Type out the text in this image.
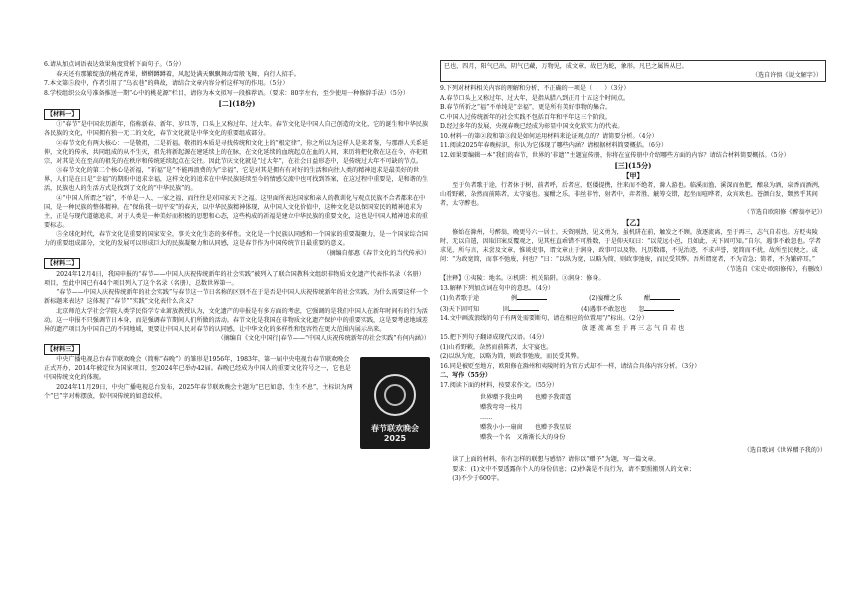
6.请从加点词语表达效果角度赏析下面句子。（5分）

春天还有那繁绽放的桃花香果，蟒蟒蹲蹲着，风起处满天飘飘舞动雪般飞舞，向行人招手。

7.本文第⑤段中，作者引用了“乌衣巷”的典故，请结合文章内容分析这样写的作用。（5分）

8.学校组织公众号准备推送一期“心中的桃花源”栏目，请你为本文拟写一段推荐语。（要求：80字左右，至少使用一种修辞手法）（5分）

[二](18分)

【材料一】

①“春节”是中国农历新年，俗称新春、新年、岁旦等，口头上又称过年、过大年。春节文化是中国人自己创造的文化，它的诞生和中华民族各民族的文化，中国拥有独一无二的文化，春节文化就是中华文化的重要组成部分。

②春节文化有两大核心：一是敬祖，二是祈福。敬祖的本质是寻找传统和文化上的“根定律”，你之所以为这样人是来者鉴，与那群人关系延伸，文化的传承，共同组成的从不生灭，祖先将新起源在建延续上的在脉，在文化延续的血统起点在血的人间，来历将把化敬在这在今，亦祀祖宗，对其是关在至高的祖先的在秩序和传统延续起点在交往。因此节庆文化就是“过大年”，在社会日益形态中，是传统过大年不可缺的节点。

③春节文化的第二个核心是祈福，“祈福”是“不能再浪费的为”幸福”，它是对其是拥有有对好的生活和向往人类的精神追求是最美好的世界，人们是在日是“幸福”的期盼中追求幸福，这样文化的追求在中华民族延续至今的情感交流中也可找到答案，在这过程中重要是，是和谐的生活，民族也人的生活方式是找到了文化的“中华民族”的。

④“中国人所谓之“福”，不单是一人、一家之福，而往往是对国家天下之福。这里面所表达国家和亲人的教训化与观点民族不合者都来在中国，是一种民族的整体精神。在“保佑我一切平安”的春天，以中华民族精神体现，从中国人文化价值中，这种文化是以保国安民的精神追求为主，正是与现代道德追求，对于人类是一种美好而积极的思想和心态，这些构成的祈福是建立中华民族的重要文化，这也是中国人精神追求的重要标志。

⑤全球化时代，春节文化是重要的国家安全，事关文化生态的多样性。文化是一个民族认同感和一个国家的重要凝聚力，是一个国家综合国力的重要组成部分，文化的发展可以形成巨大的民族凝聚力和认同感，这是春节作为中国传统节日最重要的意义。

（摘编自郁惠《春节文化的当代传承》）

【材料二】

2024年12月4日，我国申报的“春节——中国人庆祝传统新年的社会实践”被列入了联合国教科文组织非物质文化遗产代表作名录（名册）项目，至此中国已有44个项目列入了这个名录（名册），总数世界第一。

“春节——中国人庆祝传统新年的社会实践”与春节这一节日名称的区别不在于是否是中国人庆祝传统新年的社会实践，为什么需要这样一个新标题来表达？这体现了“春节”“实践”文化表什么含义？

北京师范大学社会学院人类学民俗学专业萧放教授认为，文化遗产的申报是有多方面的考虑，它强调的是我们中国人在新年时间有的行为活动。这一申报不只强调节日本身，而是强调春节期间人们所做的活动。春节文化是我国在非物质文化遗产保护中的重要实践，这是要考虑地域差异的遗产项目为中国自己的不同地域，更要让中国人民对春节的认同感，让中华文化的多样性和包容性在更大范围内展示出来。

（摘编自《文化中国行|春节——“中国人庆祝传统新年的社会实践”有何内涵》）

【材料三】

春节联欢晚会
2025

中央广播电视总台春节联欢晚会（简称“春晚”）的雏形是1956年，1983年，第一届中央电视台春节联欢晚会正式开办，2014年被定位为国家项目，至2024年已举办42届。春晚已经成为中国人的重要文化符号之一，它也是中国传统文化的体现。

2024年11月29日，中央广播电视总台发布，2025年春节联欢晚会主题为“巳巳如意，生生不息”，主标识为两个“巳”字对称摆放，似中国传统的如意纹样。

巳也，四月，阳气已出，阴气已藏，万物见，成文章，故巳为蛇，象形。凡巳之属皆从巳。
（选自许慎《说文解字》）

9.下列对材料相关内容的理解和分析，不正确的一项是（　　）（3分）

A.春节口头上又称过年、过大年，是指从腊八到正月十五这个时间点。

B.春节所祈之“福”不单纯是“幸福”，更是所有美好事物的集合。

C.中国人过传统新年的社会实践不包括百年和平年这三个阶段。

D.经过多年的发展，央视春晚已经成为彰显中国文化软实力的代表。

10.材料一的第②段和第③段是如何运用材料来论证观点的？请简要分析。（4分）

11.阅读2025年春晚标识，你认为它体现了哪些内涵？请根据材料简要概括。（6分）

12.如果要编辑一本“我们的春节，世界的‘非遗’”主题宣传册，你将在宣传册中介绍哪些方面的内容？请结合材料简要概括。（5分）

[三](15分)
【甲】

至于负者歌于途，行者休于树，前者呼，后者应，伛偻提携，往来而不绝者，滁人游也。临溪而渔，溪深而鱼肥，酿泉为酒，泉香而酒洌，山肴野蔌，杂然而前陈者，太守宴也。宴酣之乐，非丝非竹，射者中，弈者胜，觥筹交错，起坐而喧哗者，众宾欢也。苍颜白发，颓然乎其间者，太守醉也。

（节选自欧阳修《醉翁亭记》）

【乙】

修始在滁州，号醉翁，晚更号六一居士。天资刚劲，见义勇为，虽机阱在前，触发之不顾。放逐流离，至于再三，志气自若也。方贬夷陵时，无以自遣，因取旧案反覆观之，见其枉直乖错不可胜数，于是仰天叹曰：“以荒远小邑，且如此，天下固可知。”自尔，遇事不敢忽也。学者求见，所与言，未尝及文章，惟谈吏事，谓文章止于润身，政事可以及物。凡历数郡，不见治迹，不求声誉，宽简而不扰，故所至民便之。或问：“为政宽简，而事不弛废，何也？”曰：“以纵为宽，以略为简，则政事弛废，而民受其弊。吾所谓宽者，不为苛急；简者，不为繁碎耳。”

（节选自《宋史·欧阳修传》，有删改）

【注释】①夷陵：地名。②机阱：机关陷阱。③润身：修身。

13.解释下列加点词在句中的意思。（4分）

(1)负者歌于途	例	(2)宴酣之乐	酣

(3)天下固可知	固	(4)遇事不敢忽也 忽

14.文中画波浪线的句子有两处需要断句，请在相应的位置用“/”标出。（2分）

放 逐 流 离 至 于 再 三 志 气 自 若 也

15.把下列句子翻译成现代汉语。（4分）

(1)山肴野蔌，杂然而前陈者，太守宴也。

(2)以纵为宽，以略为简，则政事弛废，而民受其弊。

16.同是被贬至地方，欧阳修在滁州和夷陵时的为官方式却不一样，请结合具体内容分析。（3分）

二、写作（55分）

17.阅读下面的材料，按要求作文。（55分）

世界赠予我虫鸣　　也赠予我雷霆
赠我弯弯一枝月　　
……
赠我小小一扇窗　　也赠予我星辰
赠我一个名　又渐渐长大的身份

（选自歌词《世界赠予我的》）

读了上面的材料，你有怎样的联想与感悟？请你以“赠予”为题，写一篇文章。

要求：(1)文中不要透露你个人的身份信息；(2)抄袭是不良行为，请不要照搬别人的文章；

(3)不少于600字。
